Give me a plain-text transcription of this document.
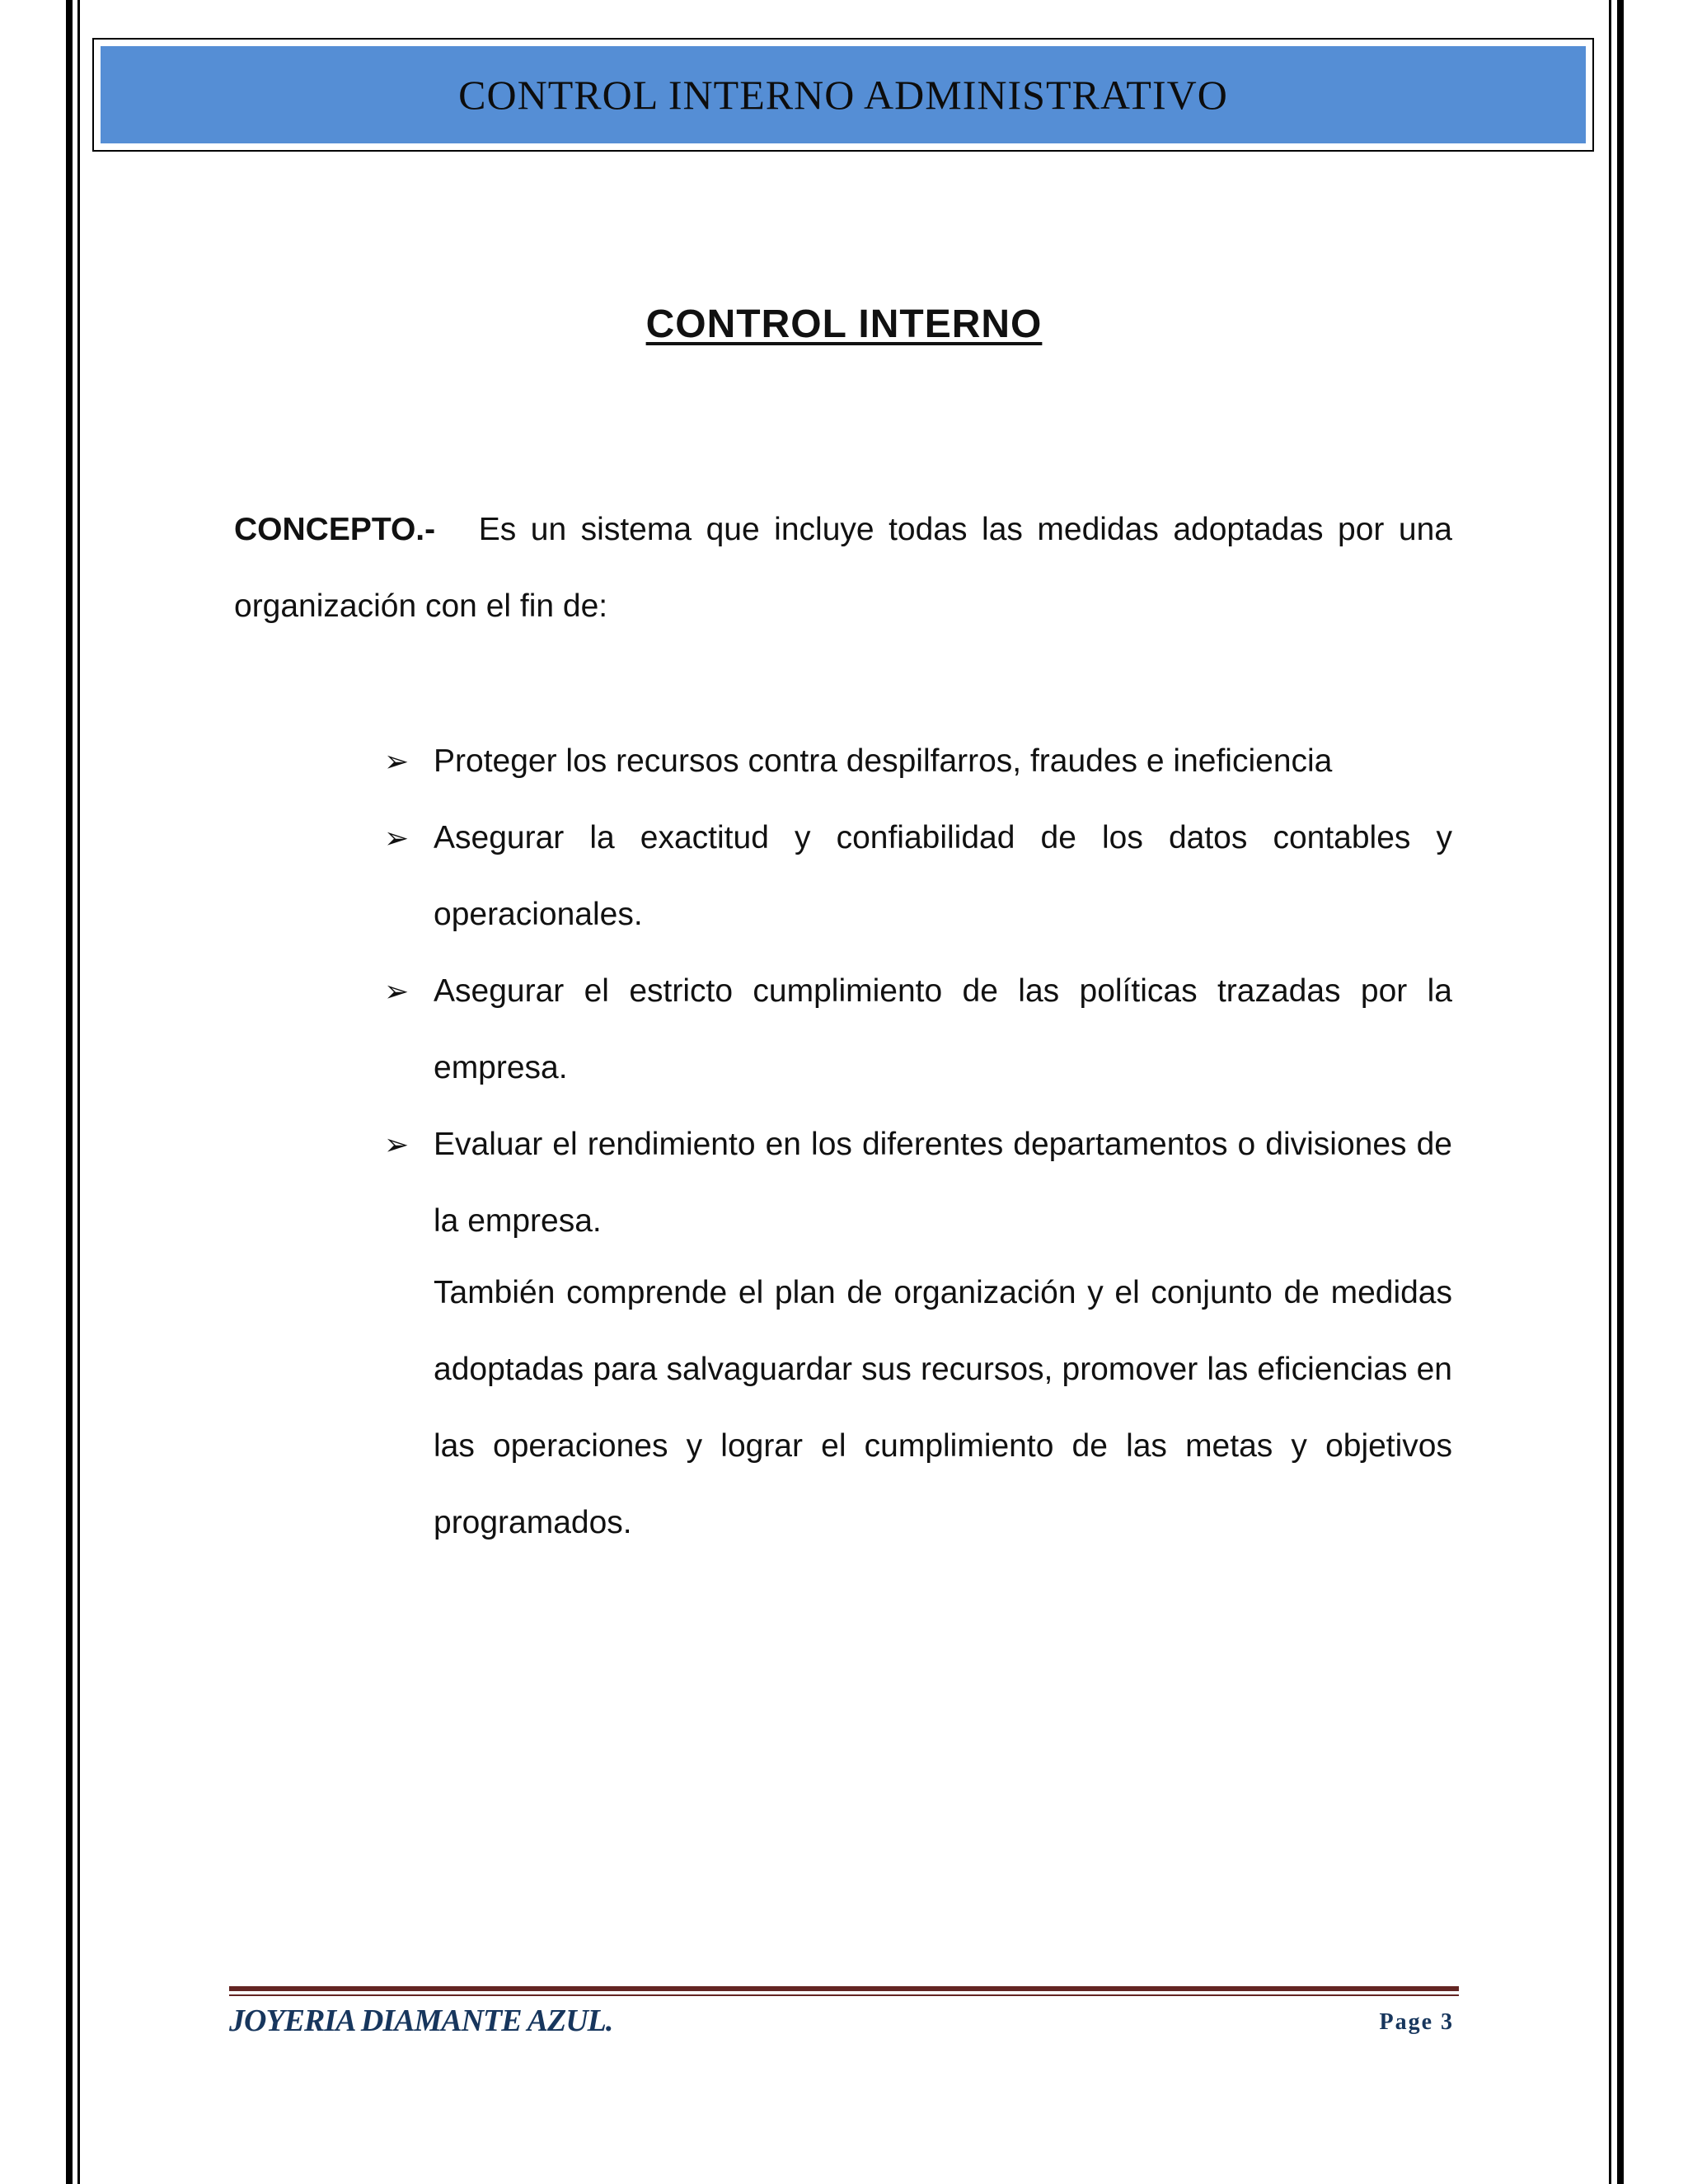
CONTROL INTERNO ADMINISTRATIVO
CONTROL INTERNO
CONCEPTO.- Es un sistema que incluye todas las medidas adoptadas por una organización con el fin de:
➢ Proteger los recursos contra despilfarros, fraudes e ineficiencia
➢ Asegurar la exactitud y confiabilidad de los datos contables y operacionales.
➢ Asegurar el estricto cumplimiento de las políticas trazadas por la empresa.
➢ Evaluar el rendimiento en los diferentes departamentos o divisiones de la empresa.
También comprende el plan de organización y el conjunto de medidas adoptadas para salvaguardar sus recursos, promover las eficiencias en las operaciones y lograr el cumplimiento de las metas y objetivos programados.
JOYERIA DIAMANTE AZUL.	Page 3
